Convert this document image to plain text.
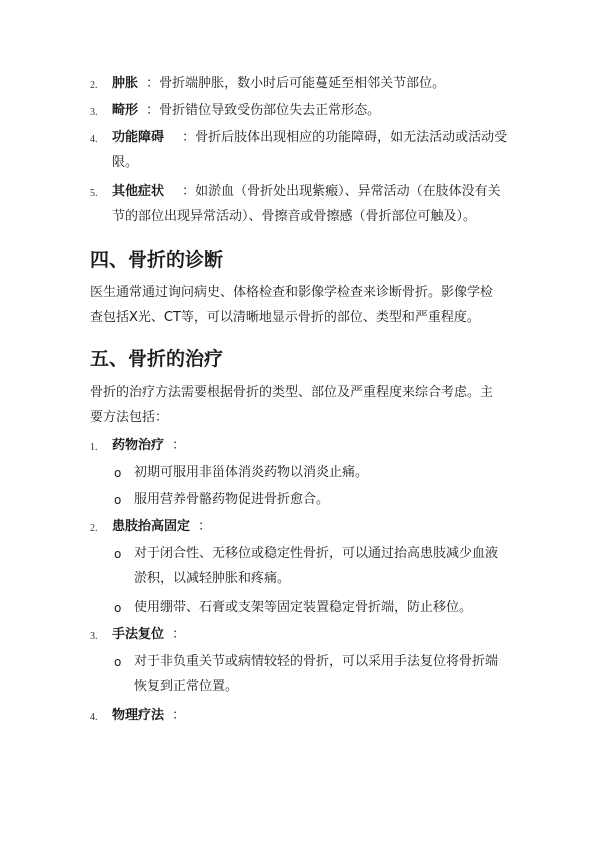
2. 肿胀 ：骨折端肿胀，数小时后可能蔓延至相邻关节部位。
3. 畸形 ：骨折错位导致受伤部位失去正常形态。
4. 功能障碍 ：骨折后肢体出现相应的功能障碍，如无法活动或活动受
限。
5. 其他症状 ：如淤血（骨折处出现紫瘢）、异常活动（在肢体没有关
节的部位出现异常活动）、骨擦音或骨擦感（骨折部位可触及）。
四、骨折的诊断
医生通常通过询问病史、体格检查和影像学检查来诊断骨折。影像学检
查包括X光、CT等，可以清晰地显示骨折的部位、类型和严重程度。
五、骨折的治疗
骨折的治疗方法需要根据骨折的类型、部位及严重程度来综合考虑。主
要方法包括：
1. 药物治疗 ：
o 初期可服用非甾体消炎药物以消炎止痛。
o 服用营养骨骼药物促进骨折愈合。
2. 患肢抬高固定 ：
o 对于闭合性、无移位或稳定性骨折，可以通过抬高患肢减少血液
淤积，以减轻肿胀和疼痛。
o 使用绷带、石膏或支架等固定装置稳定骨折端，防止移位。
3. 手法复位 ：
o 对于非负重关节或病情较轻的骨折，可以采用手法复位将骨折端
恢复到正常位置。
4. 物理疗法 ：
